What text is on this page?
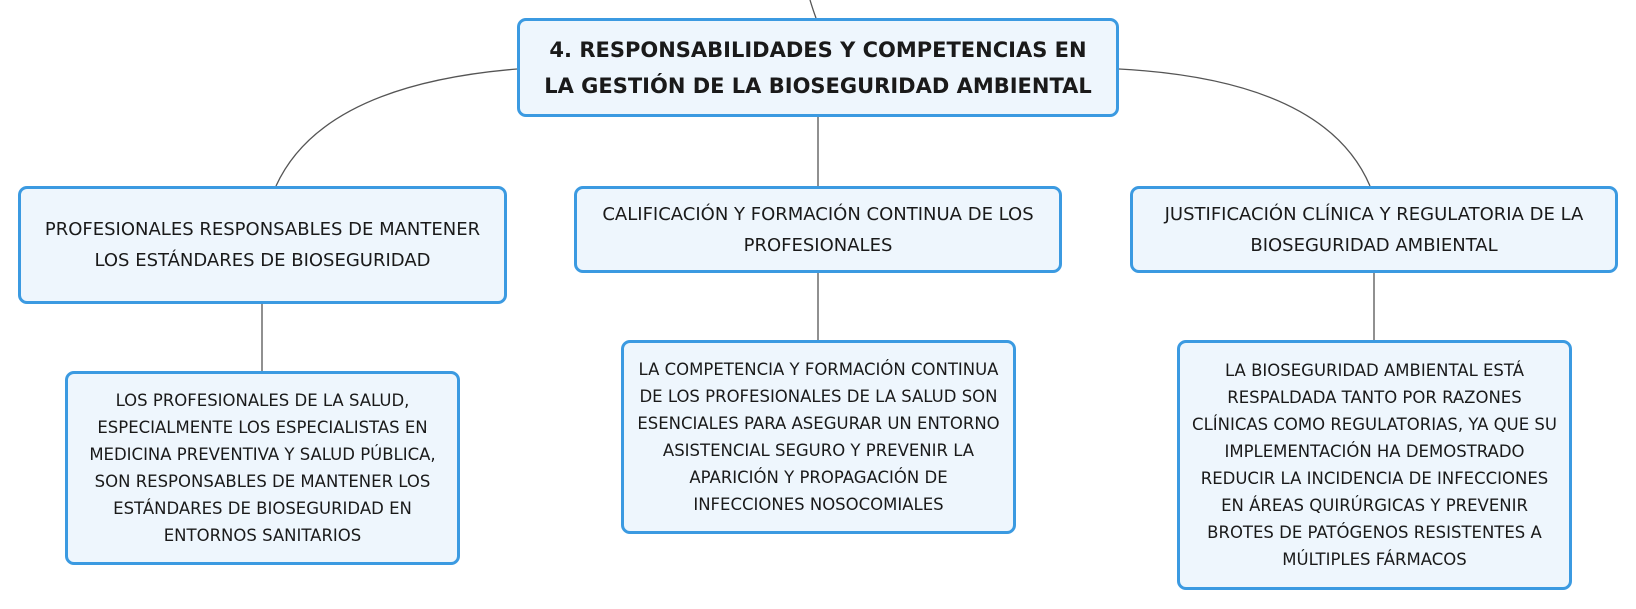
4. RESPONSABILIDADES Y COMPETENCIAS EN LA GESTIÓN DE LA BIOSEGURIDAD AMBIENTAL
PROFESIONALES RESPONSABLES DE MANTENER LOS ESTÁNDARES DE BIOSEGURIDAD
CALIFICACIÓN Y FORMACIÓN CONTINUA DE LOS PROFESIONALES
JUSTIFICACIÓN CLÍNICA Y REGULATORIA DE LA BIOSEGURIDAD AMBIENTAL
LOS PROFESIONALES DE LA SALUD, ESPECIALMENTE LOS ESPECIALISTAS EN MEDICINA PREVENTIVA Y SALUD PÚBLICA, SON RESPONSABLES DE MANTENER LOS ESTÁNDARES DE BIOSEGURIDAD EN ENTORNOS SANITARIOS
LA COMPETENCIA Y FORMACIÓN CONTINUA DE LOS PROFESIONALES DE LA SALUD SON ESENCIALES PARA ASEGURAR UN ENTORNO ASISTENCIAL SEGURO Y PREVENIR LA APARICIÓN Y PROPAGACIÓN DE INFECCIONES NOSOCOMIALES
LA BIOSEGURIDAD AMBIENTAL ESTÁ RESPALDADA TANTO POR RAZONES CLÍNICAS COMO REGULATORIAS, YA QUE SU IMPLEMENTACIÓN HA DEMOSTRADO REDUCIR LA INCIDENCIA DE INFECCIONES EN ÁREAS QUIRÚRGICAS Y PREVENIR BROTES DE PATÓGENOS RESISTENTES A MÚLTIPLES FÁRMACOS
